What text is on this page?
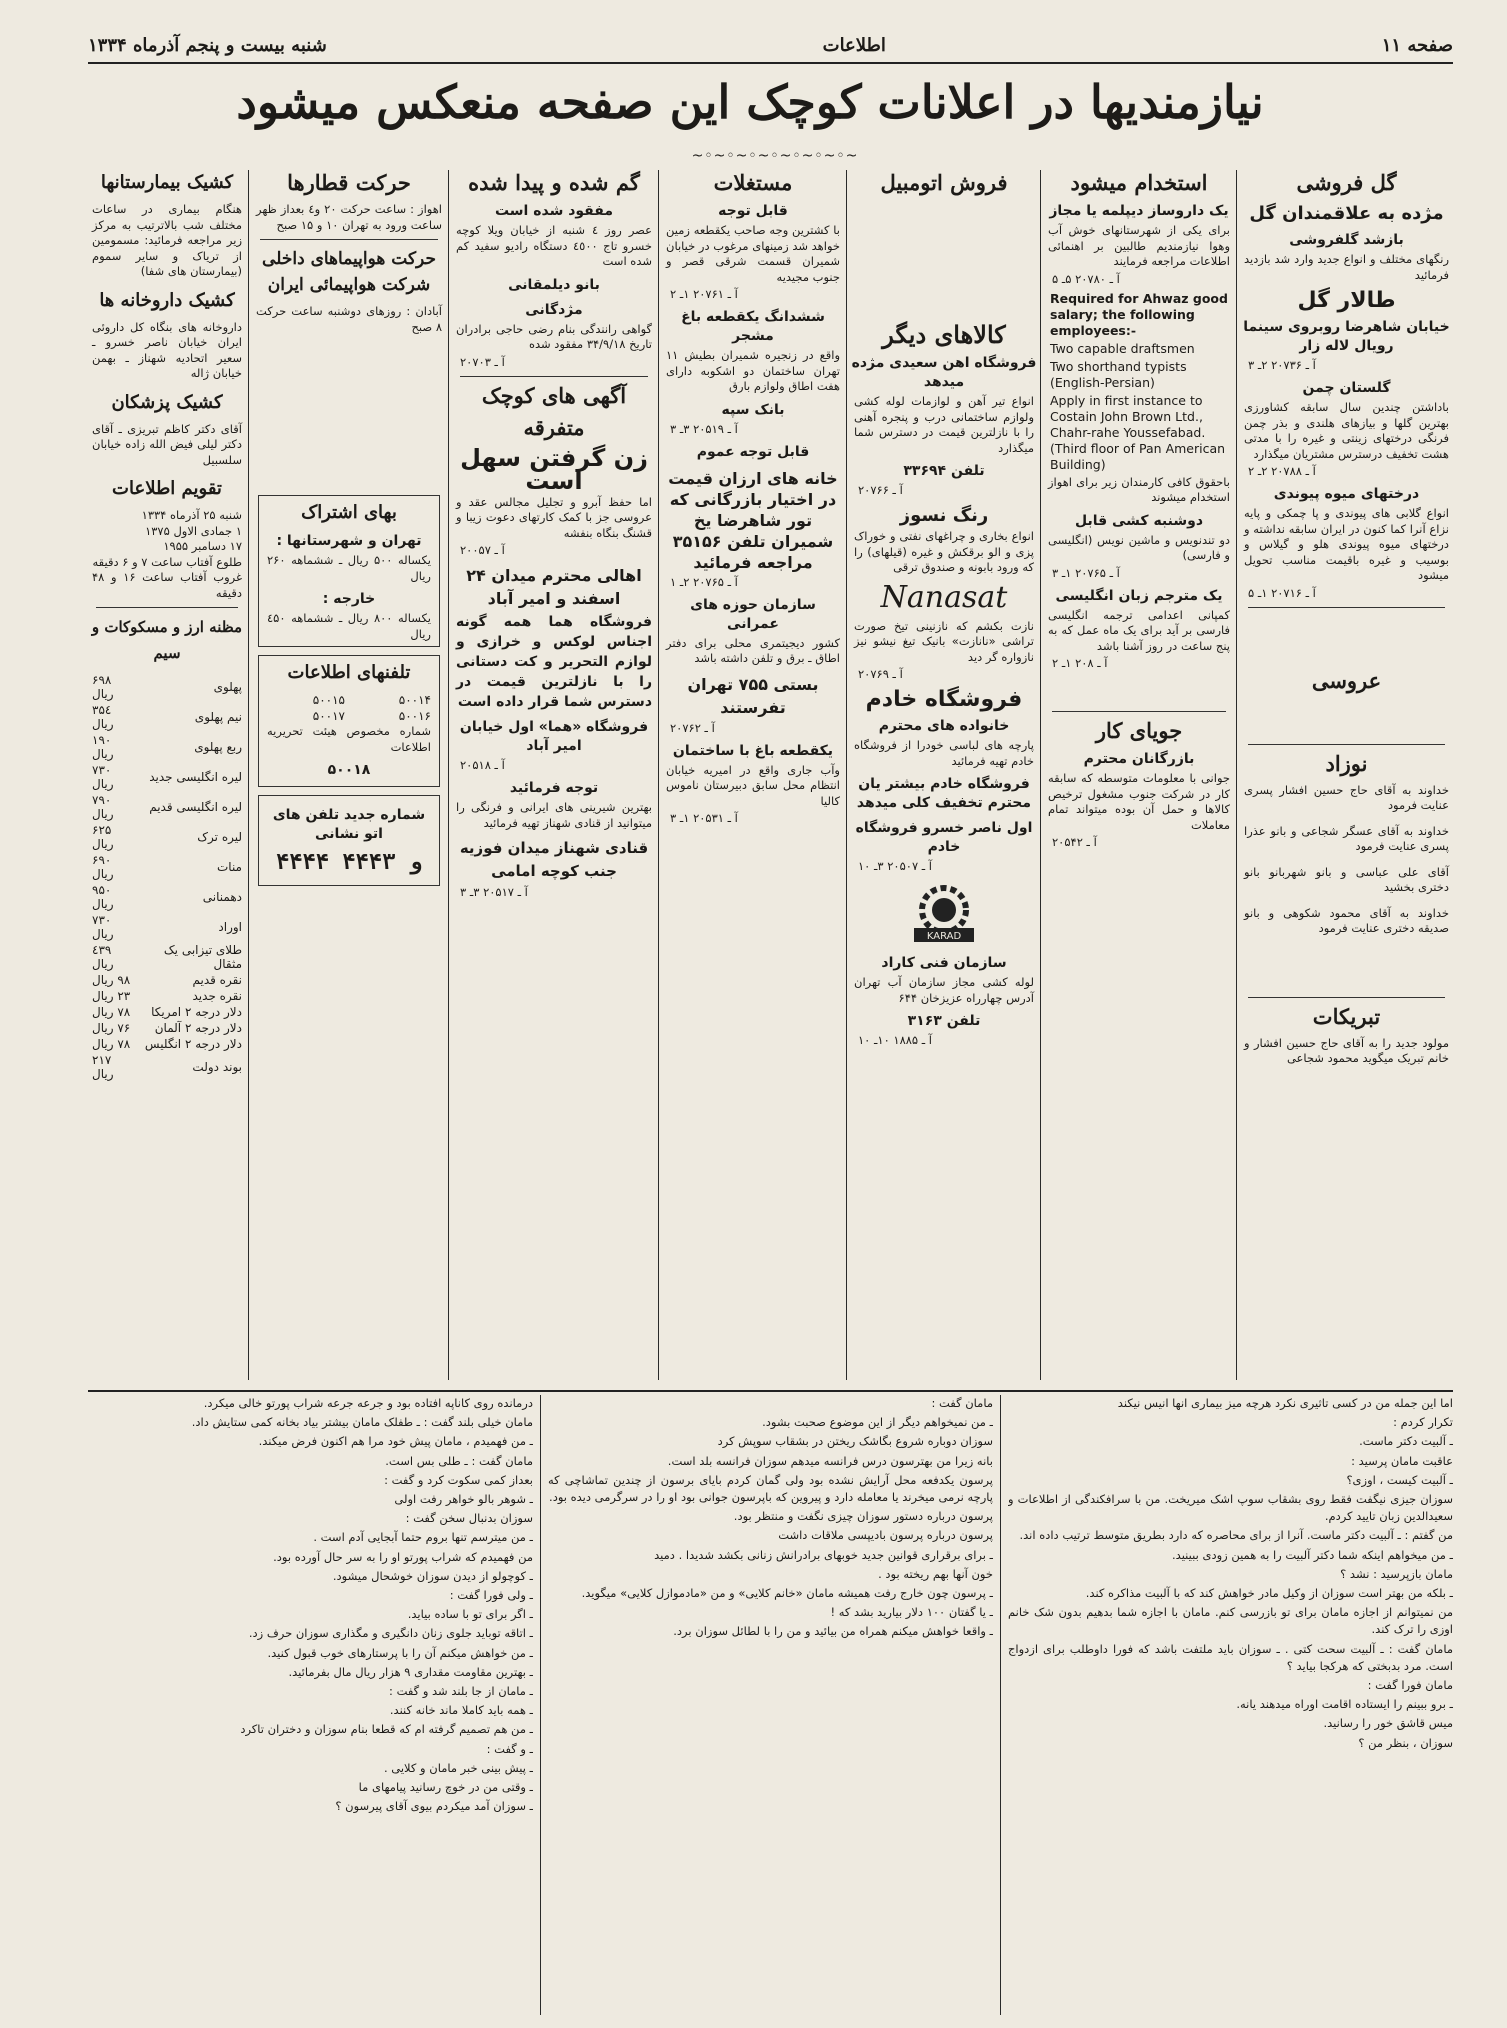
شنبه بیست و پنجم آذرماه ۱۳۳۴	اطلاعات	صفحه ۱۱
نیازمندیها در اعلانات کوچک این صفحه منعکس میشود
~◦~◦~◦~◦~◦~◦~◦~
گل فروشی
مژده به علاقمندان گل
بازشد گلفروشی
رنگهای مختلف و انواع جدید وارد شد بازدید فرمائید
طالار گل
خیابان شاهرضا روبروی سینما رویال لاله زار
آ ـ ۲۰۷۳۶ ۲ـ ۳
گلستان چمن
باداشتن چندین سال سابقه کشاورزی بهترین گلها و بیازهای هلندی و بذر چمن فرنگی درختهای زینتی و غیره را با مدتی هشت تخفیف درسترس مشتریان میگذارد
آ ـ ۲۰۷۸۸ ۲ـ ۲
درختهای میوه پیوندی
انواع گلابی های پیوندی و پا چمکی و پایه نزاع آنرا کما کنون در ایران سابقه نداشته و درختهای میوه پیوندی هلو و گیلاس و بوسیب و غیره باقیمت مناسب تحویل میشود
آ ـ ۲۰۷۱۶ ۱ـ ۵
عروسی
نوزاد
خداوند به آقای حاج حسین افشار پسری عنایت فرمود
خداوند به آقای عسگر شجاعی و بانو عذرا پسری عنایت فرمود
آقای علی عباسی و بانو شهربانو بانو دختری بخشید
خداوند به آقای محمود شکوهی و بانو صدیقه دختری عنایت فرمود
تبریکات
مولود جدید را به آقای حاج حسین افشار و خانم تبریک میگوید محمود شجاعی
استخدام میشود
یک داروساز دیپلمه یا مجاز
برای یکی از شهرستانهای خوش آب وهوا نیازمندیم طالبین بر اهنمائی اطلاعات مراجعه فرمایند
آ ـ ۲۰۷۸۰ ۵ـ ۵
Required for Ahwaz good salary; the following employees:-
Two capable draftsmen
Two shorthand typists (English-Persian)
Apply in first instance to Costain John Brown Ltd., Chahr-rahe Youssefabad. (Third floor of Pan American Building)
باحقوق کافی کارمندان زیر برای اهواز استخدام میشوند
دوشنبه کشی قابل
دو تندنویس و ماشین نویس (انگلیسی و فارسی)
آ ـ ۲۰۷۶۵ ۱ـ ۳
یک مترجم زبان انگلیسی
کمپانی اعدامی ترجمه انگلیسی فارسی بر آید برای یک ماه عمل که به پنج ساعت در روز آشنا باشد
آ ـ ۲۰۸ ۱ـ ۲
جویای کار
بازرگانان محترم
جوانی با معلومات متوسطه که سابقه کار در شرکت جنوب مشغول ترخیص کالاها و حمل آن بوده میتواند تمام معاملات
آ ـ ۲۰۵۴۲
فروش اتومبیل
کالاهای دیگر
فروشگاه اهن سعیدی مژده میدهد
انواع تیر آهن و لوازمات لوله کشی ولوازم ساختمانی درب و پنجره آهنی را با نازلترین قیمت در دسترس شما میگذارد
تلفن ۳۳۶۹۴
آ ـ ۲۰۷۶۶
رنگ نسوز
انواع بخاری و چراغهای نفتی و خوراک پزی و الو برقکش و غیره (قیلهای) را که ورود بابونه و صندوق ترقی
Nanasat
نازت بکشم که نازنینی تیخ صورت تراشی «نانازت» بانیک تیغ نیشو نیز نازواره گر دید
آ ـ ۲۰۷۶۹
فروشگاه خادم
خانواده های محترم
پارچه های لباسی خودرا از فروشگاه خادم تهیه فرمائید
فروشگاه خادم بیشتر یان محترم تخفیف کلی میدهد
اول ناصر خسرو فروشگاه خادم
آ ـ ۲۰۵۰۷ ۳ـ ۱۰
KARAD
سازمان فنی کاراد
لوله کشی مجاز سازمان آب تهران آدرس چهارراه عزیزخان ۶۴۴
تلفن ۳۱۶۳
آ ـ ۱۸۸۵ ۱۰ـ ۱۰
مستغلات
قابل توجه
با کشترین وجه صاحب یکقطعه زمین خواهد شد زمینهای مرغوب در خیابان شمیران قسمت شرقی قصر و جنوب مجیدیه
آ ـ ۲۰۷۶۱ ۱ـ ۲
ششدانگ یکقطعه باغ مشجر
واقع در زنجیره شمیران بطیش ۱۱ تهران ساختمان دو اشکوبه دارای هفت اطاق ولوازم بارق
بانک سپه
آ ـ ۲۰۵۱۹ ۳ـ ۳
قابل توجه عموم
خانه های ارزان قیمت در اختیار بازرگانی که تور شاهرضا یخ شمیران تلفن ۳۵۱۵۶ مراجعه فرمائید
آ ـ ۲۰۷۶۵ ۲ـ ۱
سازمان حوزه های عمرانی
کشور دیجیتمری محلی برای دفتر اطاق ـ برق و تلفن داشته باشد
بستی ۷۵۵ تهران تفرستند
آ ـ ۲۰۷۶۲
یکقطعه باغ با ساختمان
وآب جاری واقع در امیریه خیابان انتظام محل سابق دبیرستان ناموس کالیا
آ ـ ۲۰۵۳۱ ۱ـ ۳
گم شده و پیدا شده
مفقود شده است
عصر روز ٤ شنبه از خیابان ویلا کوچه خسرو تاج ٤٥٠٠ دستگاه رادیو سفید کم شده است
بانو دیلمقانی
مژدگانی
گواهی رانندگی بنام رضی حاجی برادران تاریخ ۳۴/۹/۱۸ مفقود شده
آ ـ ۲۰۷۰۳
آگهی های کوچک
متفرقه
زن گرفتن سهل است
اما حفظ آبرو و تجلیل مجالس عقد و عروسی جز با کمک کارتهای دعوت زیبا و قشنگ بنگاه بنفشه
آ ـ ۲۰۰۵۷
اهالی محترم میدان ۲۴ اسفند و امیر آباد
فروشگاه هما همه گونه اجناس لوکس و خرازی و لوازم التحریر و کت دستانی را با نازلترین قیمت در دسترس شما قرار داده است
فروشگاه «هما» اول خیابان امیر آباد
آ ـ ۲۰۵۱۸
توجه فرمائید
بهترین شیرینی های ایرانی و فرنگی را میتوانید از قنادی شهناز تهیه فرمائید
قنادی شهناز میدان فوزیه جنب کوچه امامی
آ ـ ۲۰۵۱۷ ۳ـ ۳
حرکت قطارها
اهواز : ساعت حرکت ۲۰ و٤ بعداز ظهر ساعت ورود به تهران ۱۰ و ۱۵ صبح
حرکت هواپیماهای داخلی شرکت هواپیمائی ایران
آبادان : روزهای دوشنبه ساعت حرکت ۸ صبح
بهای اشتراک
تهران و شهرستانها :
یکساله ۵۰۰ ریال ـ ششماهه ۲۶۰ ریال
خارجه :
یکساله ۸۰۰ ریال ـ ششماهه ٤۵۰ ریال
تلفنهای اطلاعات
۵۰۰۱۴	۵۰۰۱۵
۵۰۰۱۶	۵۰۰۱۷
شماره مخصوص هیئت تحریریه اطلاعات
۵۰۰۱۸
شماره جدید تلفن های اتو نشانی
۴۴۴۴ و ۴۴۴۳
کشیک بیمارستانها
هنگام بیماری در ساعات مختلف شب بالاترتیب به مرکز زیر مراجعه فرمائید: مسمومین از تریاک و سایر سموم (بیمارستان های شفا)
کشیک داروخانه ها
داروخانه های بنگاه کل داروئی ایران خیابان ناصر خسرو ـ سعیر اتحادیه شهناز ـ بهمن خیابان ژاله
کشیک پزشکان
آقای دکتر کاظم تبریزی ـ آقای دکتر لیلی فیض الله زاده خیابان سلسبیل
تقویم اطلاعات
شنبه ۲۵ آذرماه ۱۳۳۴
۱ جمادی الاول ۱۳۷۵
۱۷ دسامبر ۱۹۵۵
طلوع آفتاب ساعت ۷ و ۶ دقیقه
غروب آفتاب ساعت ۱۶ و ۴۸ دقیقه
مظنه ارز و مسکوکات و سیم
پهلوی	۶۹۸ ریال
نیم پهلوی	۳۵٤ ریال
ربع پهلوی	۱۹۰ ریال
لیره انگلیسی جدید	۷۳۰ ریال
لیره انگلیسی قدیم	۷۹۰ ریال
لیره ترک	۶۲۵ ریال
منات	۶۹۰ ریال
دهمنانی	۹۵۰ ریال
اوراد	۷۳۰ ریال
طلای تیزابی یک مثقال	٤۳۹ ریال
نقره قدیم	۹۸ ریال
نقره جدید	۲۳ ریال
دلار درجه ۲ امریکا	۷۸ ریال
دلار درجه ۲ آلمان	۷۶ ریال
دلار درجه ۲ انگلیس	۷۸ ریال
بوند دولت	۲۱۷ ریال
اما این جمله من در کسی تاثیری نکرد هرچه میز بیماری انها انیس نیکند
تکرار کردم :
ـ آلبیت دکتر ماست.
عاقبت مامان پرسید :
ـ آلبیت کیست ، اوزی؟
سوزان جیزی نیگفت فقط روی بشقاب سوپ اشک میریخت. من با سرافکندگی از اطلاعات و سعیدالدین زبان تایید کردم.
من گفتم : ـ آلبیت دکتر ماست. آنرا از برای محاصره که دارد بطریق متوسط ترتیب داده اند.
ـ من میخواهم اینکه شما دکتر آلبیت را به همین زودی ببینید.
مامان بازپرسید : نشد ؟
ـ بلکه من بهتر است سوزان از وکیل مادر خواهش کند که با آلبیت مذاکره کند.
من نمیتوانم از اجازه مامان برای تو بازرسی کنم. مامان با اجازه شما بدهیم بدون شک خانم اوزی را ترک کند.
مامان گفت : ـ آلبیت سحت کتی . ـ سوزان باید ملتفت باشد که فورا داوطلب برای ازدواج است. مرد بدبختی که هرکجا بیاید ؟
مامان فورا گفت :
ـ برو ببینم را ایستاده اقامت اوراه میدهند یانه.
میس قاشق خور را رسانید.
سوزان ، بنظر من ؟
مامان گفت :
ـ من نمیخواهم دیگر از این موضوع صحبت بشود.
سوزان دوباره شروع بگاشک ریختن در بشقاب سوپش کرد
بانه زیرا من بهترسون درس فرانسه میدهم سوزان فرانسه بلد است.
پرسون یکدفعه محل آرایش نشده بود ولی گمان کردم بایای برسون از چندین تماشاچی که پارچه نرمی میخرند یا معامله دارد و پیروین که باپرسون جوانی بود او را در سرگرمی دیده بود.
پرسون درباره دستور سوزان چیزی نگفت و منتظر بود.
پرسون درباره پرسون بادیپسی ملاقات داشت
ـ برای برقراری قوانین جدید خوبهای برادرانش زنانی بکشد شدیدا . دمید
خون آنها بهم ریخته بود .
ـ پرسون چون خارج رفت همیشه مامان «خانم کلایی» و من «مادموازل کلایی» میگوید.
ـ یا گفتان ۱۰۰ دلار بیارید بشد که !
ـ واقعا خواهش میکنم همراه من بیائید و من را با لطائل سوزان برد.
درمانده روی کاناپه افتاده بود و جرعه جرعه شراب پورتو خالی میکرد.
مامان خیلی بلند گفت : ـ طفلک مامان بیشتر بیاد بخانه کمی ستایش داد.
ـ من فهمیدم ، مامان پیش خود مرا هم اکنون فرض میکند.
مامان گفت : ـ طلی بس است.
بعداز کمی سکوت کرد و گفت :
ـ شوهر بالو خواهر رفت اولی
سوزان بدنبال سخن گفت :
ـ من میترسم تنها بروم حتما آبجایی آدم است .
من فهمیدم که شراب پورتو او را به سر حال آورده بود.
ـ کوچولو از دیدن سوزان خوشحال میشود.
ـ ولی فورا گفت :
ـ اگر برای تو با ساده بیاید.
ـ اتاقه توباید جلوی زنان دانگیری و مگذاری سوزان حرف زد.
ـ من خواهش میکنم آن را با پرستارهای خوب قبول کنید.
ـ بهترین مقاومت مقداری ۹ هزار ریال مال بفرمائید.
ـ مامان از جا بلند شد و گفت :
ـ همه باید کاملا ماند خانه کنند.
ـ من هم تصمیم گرفته ام که قطعا بنام سوزان و دختران تاکرد
ـ و گفت :
ـ پیش بینی خبر مامان و کلایی .
ـ وقتی من در خوچ رسانید پیامهای ما
ـ سوزان آمد میکردم بیوی آقای پیرسون ؟
